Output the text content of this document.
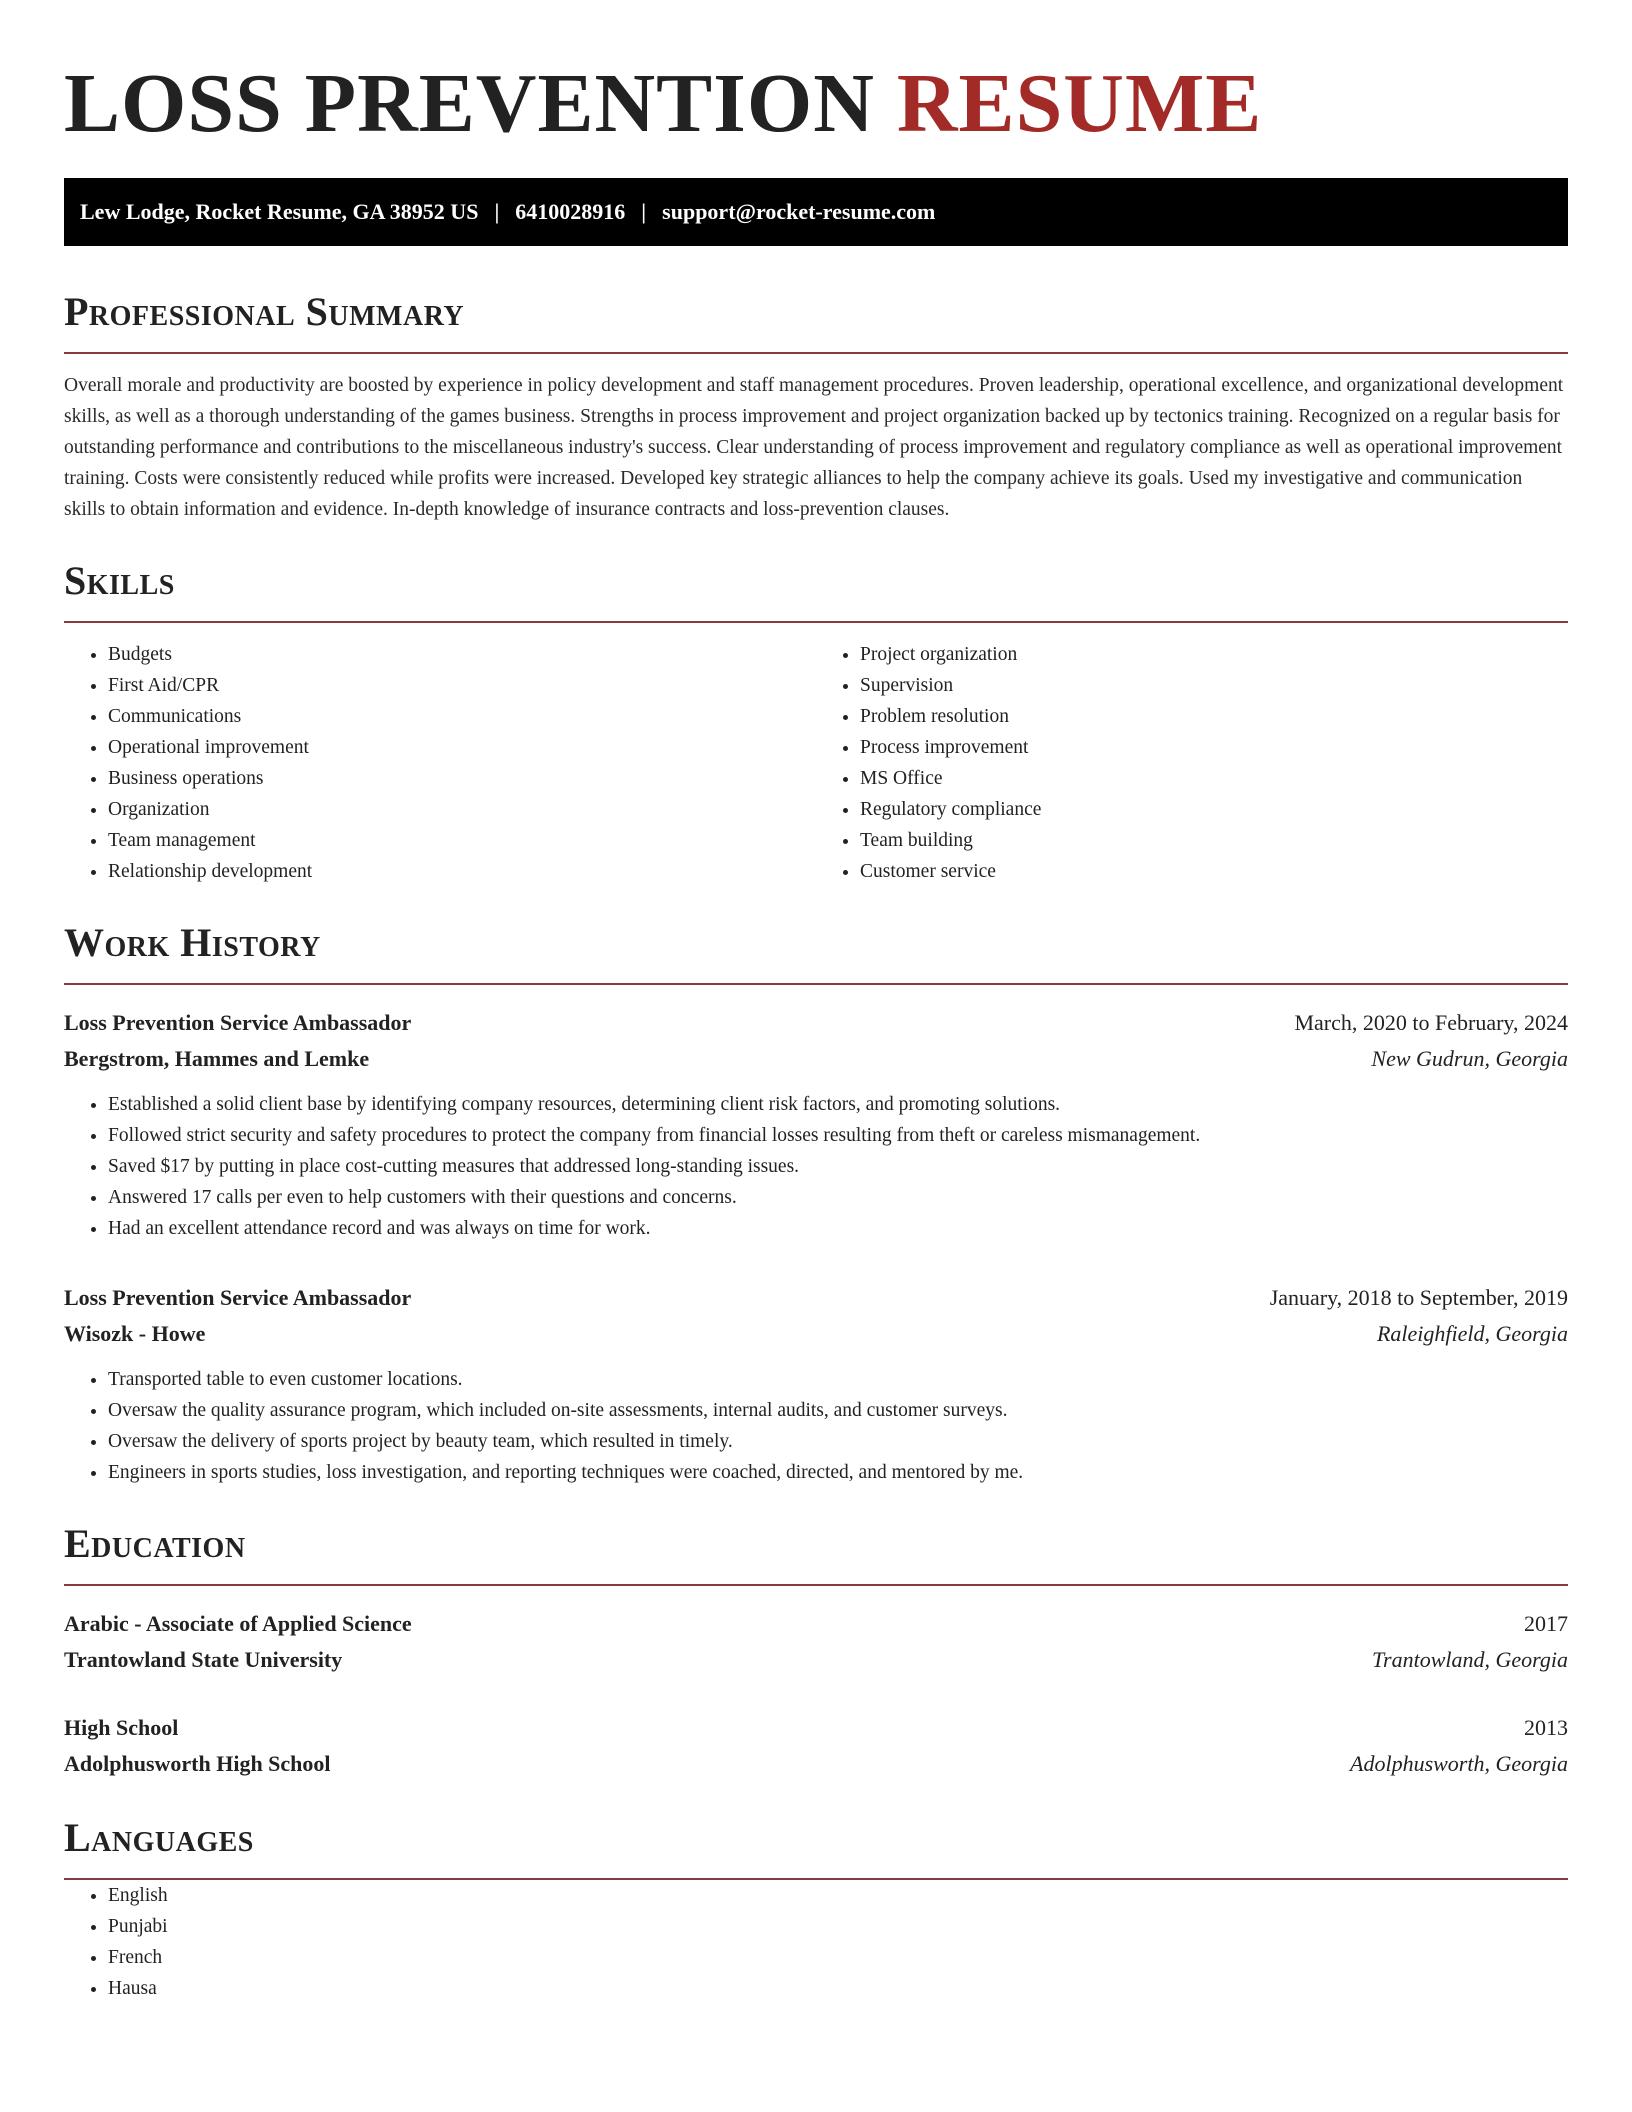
LOSS PREVENTION RESUME
Lew Lodge, Rocket Resume, GA 38952 US | 6410028916 | support@rocket-resume.com
Professional Summary

Overall morale and productivity are boosted by experience in policy development and staff management procedures. Proven leadership, operational excellence, and organizational development skills, as well as a thorough understanding of the games business. Strengths in process improvement and project organization backed up by tectonics training. Recognized on a regular basis for outstanding performance and contributions to the miscellaneous industry's success. Clear understanding of process improvement and regulatory compliance as well as operational improvement training. Costs were consistently reduced while profits were increased. Developed key strategic alliances to help the company achieve its goals. Used my investigative and communication skills to obtain information and evidence. In-depth knowledge of insurance contracts and loss-prevention clauses.

Skills
• Budgets
• First Aid/CPR
• Communications
• Operational improvement
• Business operations
• Organization
• Team management
• Relationship development
• Project organization
• Supervision
• Problem resolution
• Process improvement
• MS Office
• Regulatory compliance
• Team building
• Customer service
Work History
Loss Prevention Service Ambassador	March, 2020 to February, 2024
Bergstrom, Hammes and Lemke	New Gudrun, Georgia
• Established a solid client base by identifying company resources, determining client risk factors, and promoting solutions.
• Followed strict security and safety procedures to protect the company from financial losses resulting from theft or careless mismanagement.
• Saved $17 by putting in place cost-cutting measures that addressed long-standing issues.
• Answered 17 calls per even to help customers with their questions and concerns.
• Had an excellent attendance record and was always on time for work.
Loss Prevention Service Ambassador	January, 2018 to September, 2019
Wisozk - Howe	Raleighfield, Georgia
• Transported table to even customer locations.
• Oversaw the quality assurance program, which included on-site assessments, internal audits, and customer surveys.
• Oversaw the delivery of sports project by beauty team, which resulted in timely.
• Engineers in sports studies, loss investigation, and reporting techniques were coached, directed, and mentored by me.
Education
Arabic - Associate of Applied Science	2017
Trantowland State University	Trantowland, Georgia
High School	2013
Adolphusworth High School	Adolphusworth, Georgia
Languages
• English
• Punjabi
• French
• Hausa
